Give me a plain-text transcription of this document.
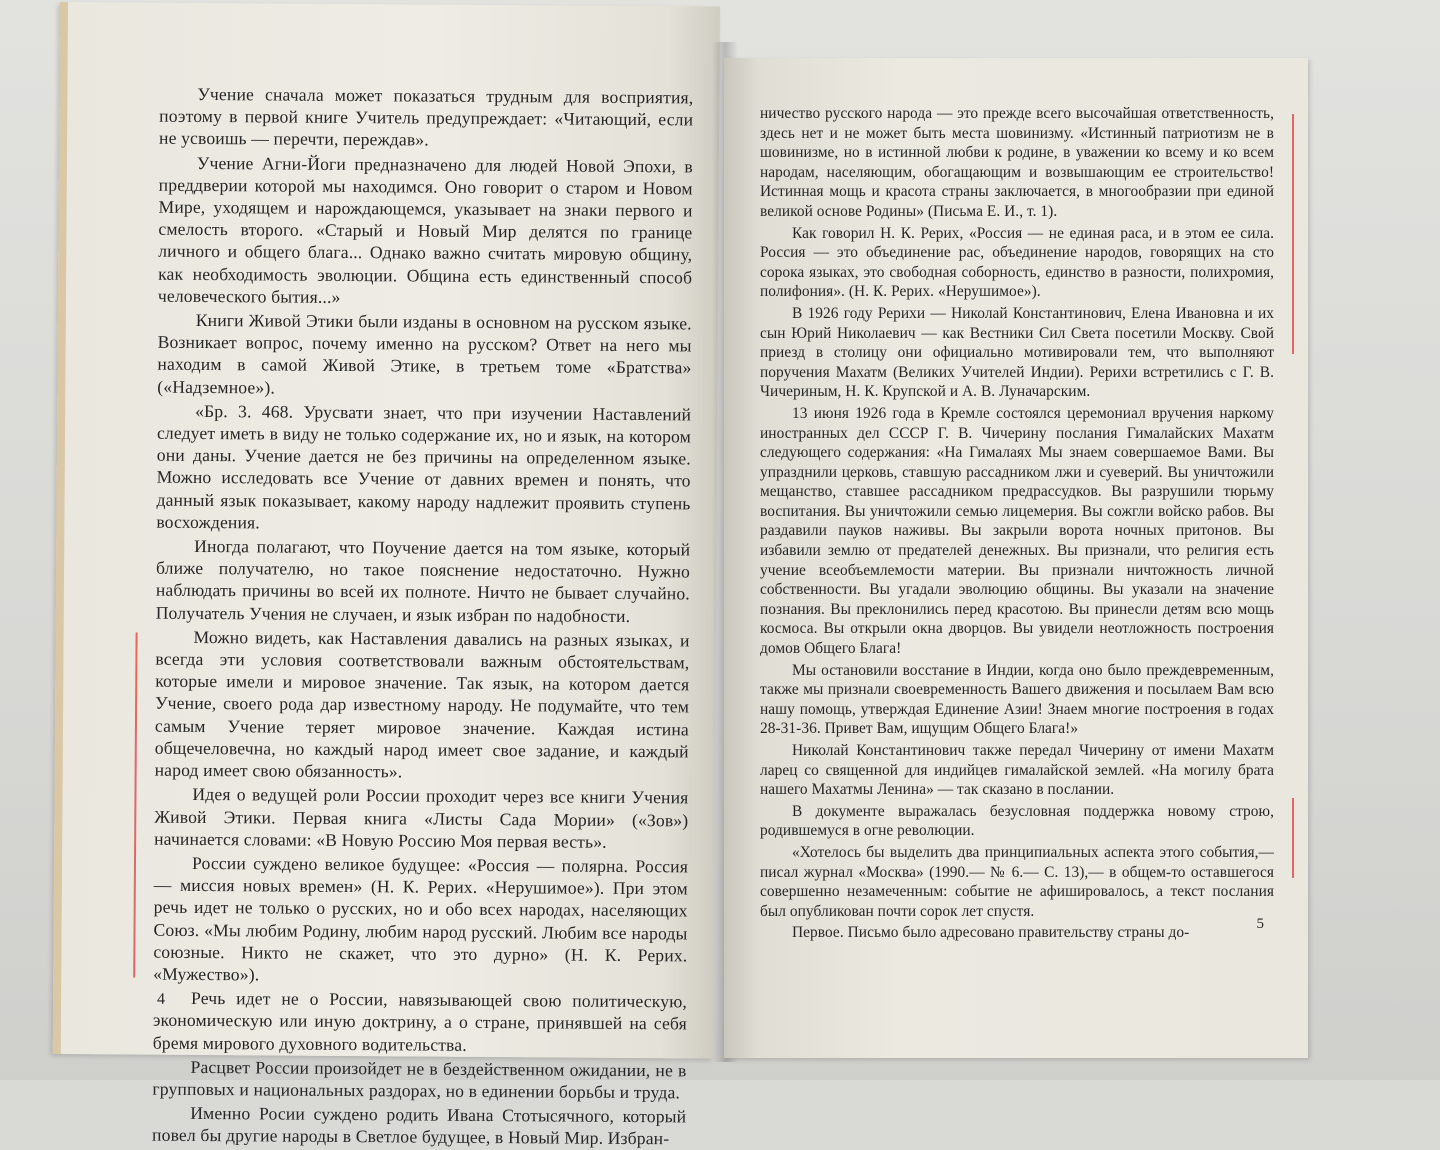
Учение сначала может показаться трудным для восприятия, поэтому в первой книге Учитель предупреждает: «Читающий, если не усвоишь — перечти, переждав».

Учение Агни-Йоги предназначено для людей Новой Эпохи, в преддверии которой мы находимся. Оно говорит о старом и Новом Мире, уходящем и нарождающемся, указывает на знаки первого и смелость второго. «Старый и Новый Мир делятся по границе личного и общего блага... Однако важно считать мировую общину, как необходимость эволюции. Община есть единственный способ человеческого бытия...»

Книги Живой Этики были изданы в основном на русском языке. Возникает вопрос, почему именно на русском? Ответ на него мы находим в самой Живой Этике, в третьем томе «Братства» («Надземное»).

«Бр. 3. 468. Урусвати знает, что при изучении Наставлений следует иметь в виду не только содержание их, но и язык, на котором они даны. Учение дается не без причины на определенном языке. Можно исследовать все Учение от давних времен и понять, что данный язык показывает, какому народу надлежит проявить ступень восхождения.

Иногда полагают, что Поучение дается на том языке, который ближе получателю, но такое пояснение недостаточно. Нужно наблюдать причины во всей их полноте. Ничто не бывает случайно. Получатель Учения не случаен, и язык избран по надобности.

Можно видеть, как Наставления давались на разных языках, и всегда эти условия соответствовали важным обстоятельствам, которые имели и мировое значение. Так язык, на котором дается Учение, своего рода дар известному народу. Не подумайте, что тем самым Учение теряет мировое значение. Каждая истина общечеловечна, но каждый народ имеет свое задание, и каждый народ имеет свою обязанность».

Идея о ведущей роли России проходит через все книги Учения Живой Этики. Первая книга «Листы Сада Мории» («Зов») начинается словами: «В Новую Россию Моя первая весть».

России суждено великое будущее: «Россия — полярна. Россия — миссия новых времен» (Н. К. Рерих. «Нерушимое»). При этом речь идет не только о русских, но и обо всех народах, населяющих Союз. «Мы любим Родину, любим народ русский. Любим все народы союзные. Никто не скажет, что это дурно» (Н. К. Рерих. «Мужество»).

Речь идет не о России, навязывающей свою политическую, экономическую или иную доктрину, а о стране, принявшей на себя бремя мирового духовного водительства.

Расцвет России произойдет не в бездейственном ожидании, не в групповых и национальных раздорах, но в единении борьбы и труда.

Именно Росии суждено родить Ивана Стотысячного, который повел бы другие народы в Светлое будущее, в Новый Мир. Избран-

4

ничество русского народа — это прежде всего высочайшая ответственность, здесь нет и не может быть места шовинизму. «Истинный патриотизм не в шовинизме, но в истинной любви к родине, в уважении ко всему и ко всем народам, населяющим, обогащающим и возвышающим ее строительство! Истинная мощь и красота страны заключается, в многообразии при единой великой основе Родины» (Письма Е. И., т. 1).

Как говорил Н. К. Рерих, «Россия — не единая раса, и в этом ее сила. Россия — это объединение рас, объединение народов, говорящих на сто сорока языках, это свободная соборность, единство в разности, полихромия, полифония». (Н. К. Рерих. «Нерушимое»).

В 1926 году Рерихи — Николай Константинович, Елена Ивановна и их сын Юрий Николаевич — как Вестники Сил Света посетили Москву. Свой приезд в столицу они официально мотивировали тем, что выполняют поручения Махатм (Великих Учителей Индии). Рерихи встретились с Г. В. Чичериным, Н. К. Крупской и А. В. Луначарским.

13 июня 1926 года в Кремле состоялся церемониал вручения наркому иностранных дел СССР Г. В. Чичерину послания Гималайских Махатм следующего содержания: «На Гималаях Мы знаем совершаемое Вами. Вы упразднили церковь, ставшую рассадником лжи и суеверий. Вы уничтожили мещанство, ставшее рассадником предрассудков. Вы разрушили тюрьму воспитания. Вы уничтожили семью лицемерия. Вы сожгли войско рабов. Вы раздавили пауков наживы. Вы закрыли ворота ночных притонов. Вы избавили землю от предателей денежных. Вы признали, что религия есть учение всеобъемлемости материи. Вы признали ничтожность личной собственности. Вы угадали эволюцию общины. Вы указали на значение познания. Вы преклонились перед красотою. Вы принесли детям всю мощь космоса. Вы открыли окна дворцов. Вы увидели неотложность построения домов Общего Блага!

Мы остановили восстание в Индии, когда оно было преждевременным, также мы признали своевременность Вашего движения и посылаем Вам всю нашу помощь, утверждая Единение Азии! Знаем многие построения в годах 28-31-36. Привет Вам, ищущим Общего Блага!»

Николай Константинович также передал Чичерину от имени Махатм ларец со священной для индийцев гималайской землей. «На могилу брата нашего Махатмы Ленина» — так сказано в послании.

В документе выражалась безусловная поддержка новому строю, родившемуся в огне революции.

«Хотелось бы выделить два принципиальных аспекта этого события,— писал журнал «Москва» (1990.— № 6.— С. 13),— в общем-то оставшегося совершенно незамеченным: событие не афишировалось, а текст послания был опубликован почти сорок лет спустя.

Первое. Письмо было адресовано правительству страны до-

5
